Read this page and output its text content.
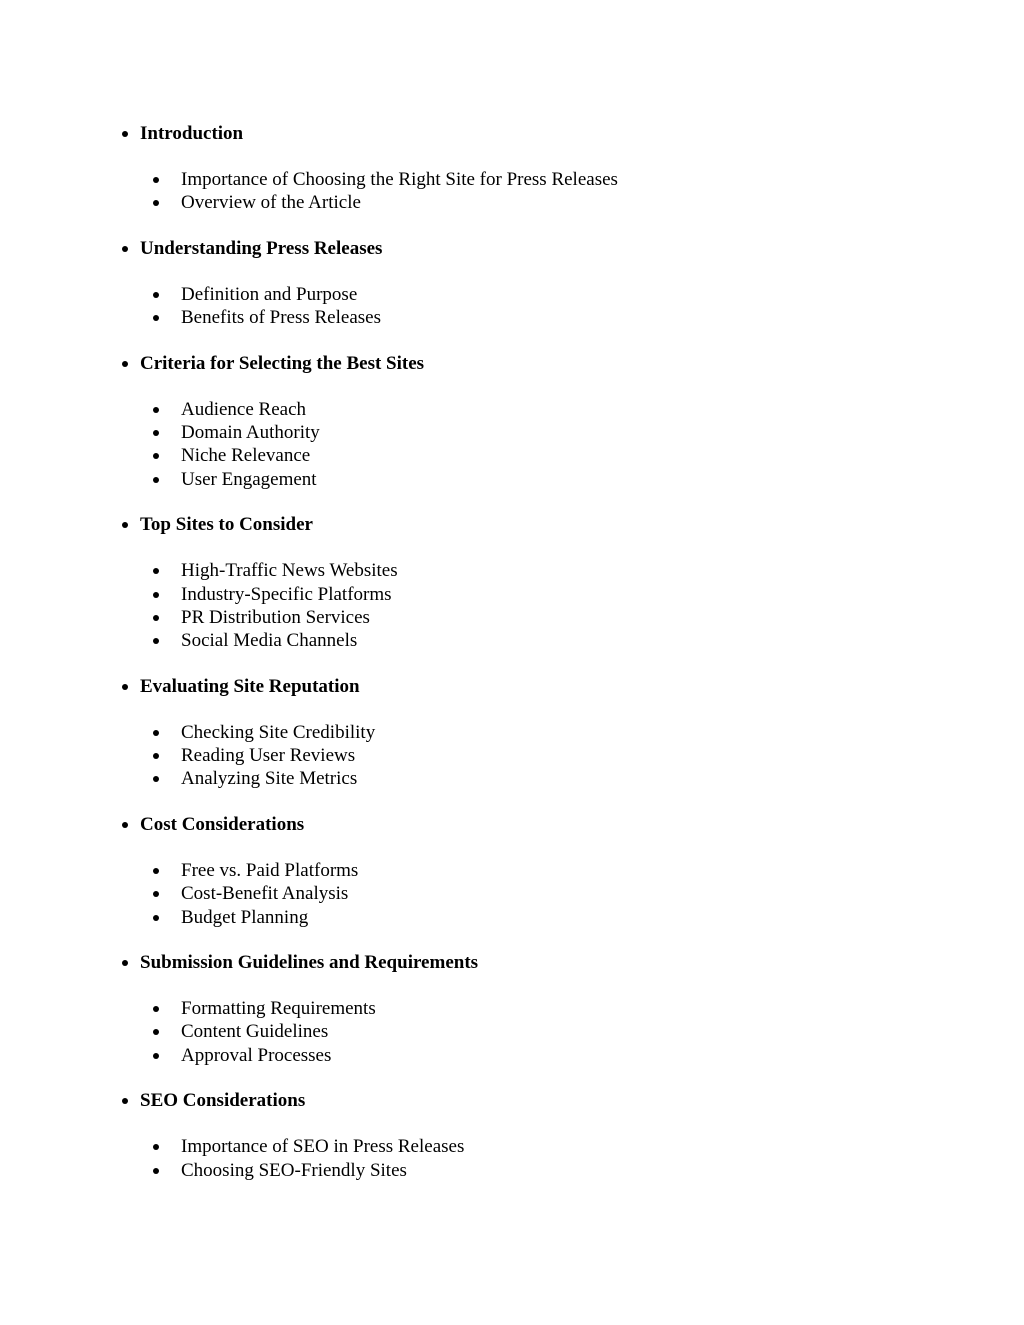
Introduction
Importance of Choosing the Right Site for Press Releases
Overview of the Article
Understanding Press Releases
Definition and Purpose
Benefits of Press Releases
Criteria for Selecting the Best Sites
Audience Reach
Domain Authority
Niche Relevance
User Engagement
Top Sites to Consider
High-Traffic News Websites
Industry-Specific Platforms
PR Distribution Services
Social Media Channels
Evaluating Site Reputation
Checking Site Credibility
Reading User Reviews
Analyzing Site Metrics
Cost Considerations
Free vs. Paid Platforms
Cost-Benefit Analysis
Budget Planning
Submission Guidelines and Requirements
Formatting Requirements
Content Guidelines
Approval Processes
SEO Considerations
Importance of SEO in Press Releases
Choosing SEO-Friendly Sites
